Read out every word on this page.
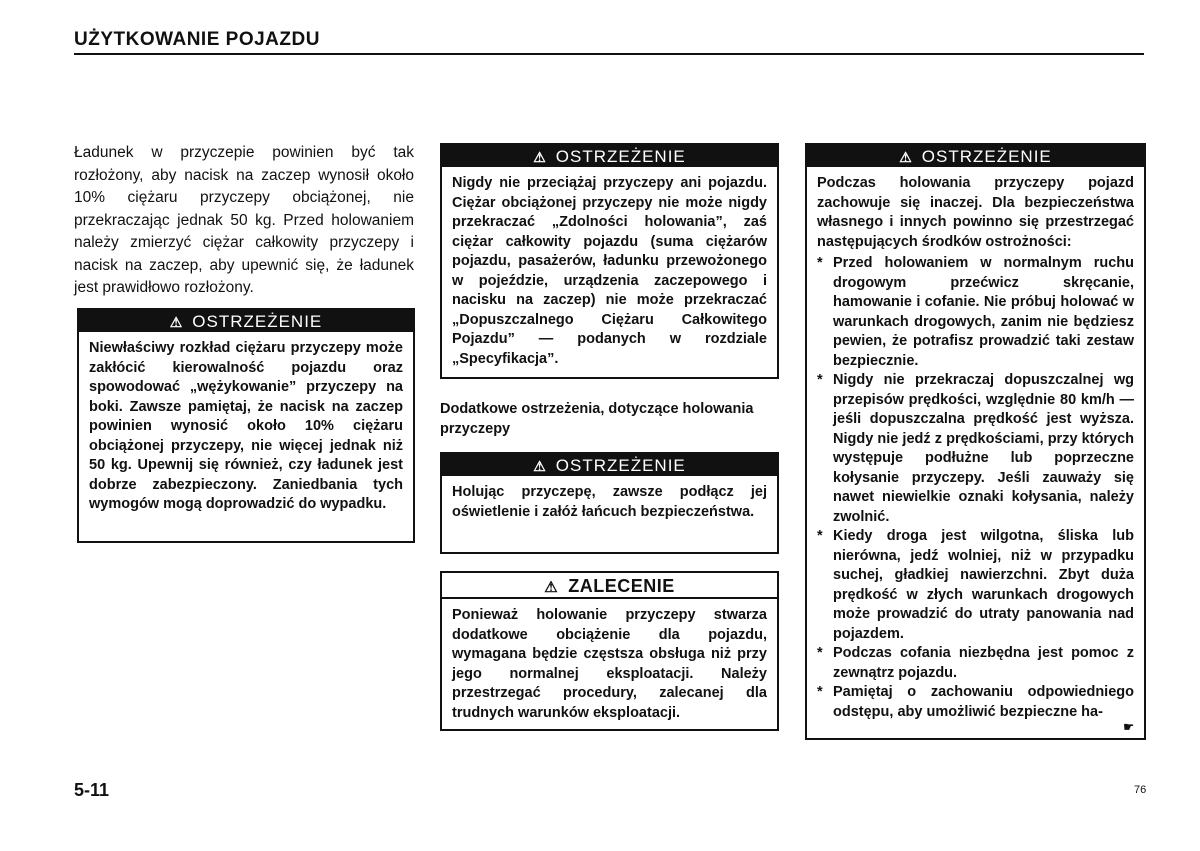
UŻYTKOWANIE POJAZDU

Ładunek w przyczepie powinien być tak rozłożony, aby nacisk na zaczep wynosił około 10% ciężaru przyczepy obciążonej, nie przekraczając jednak 50 kg. Przed holowaniem należy zmierzyć ciężar całkowity przyczepy i nacisk na zaczep, aby upewnić się, że ładunek jest prawidłowo rozłożony.

⚠ OSTRZEŻENIE

Niewłaściwy rozkład ciężaru przyczepy może zakłócić kierowalność pojazdu oraz spowodować „wężykowanie” przyczepy na boki. Zawsze pamiętaj, że nacisk na zaczep powinien wynosić około 10% ciężaru obciążonej przyczepy, nie więcej jednak niż 50 kg. Upewnij się również, czy ładunek jest dobrze zabezpieczony. Zaniedbania tych wymogów mogą doprowadzić do wypadku.

⚠ OSTRZEŻENIE

Nigdy nie przeciążaj przyczepy ani pojazdu. Ciężar obciążonej przyczepy nie może nigdy przekraczać „Zdolności holowania”, zaś ciężar całkowity pojazdu (suma ciężarów pojazdu, pasażerów, ładunku przewożonego w pojeździe, urządzenia zaczepowego i nacisku na zaczep) nie może przekraczać „Dopuszczalnego Ciężaru Całkowitego Pojazdu” — podanych w rozdziale „Specyfikacja”.

Dodatkowe ostrzeżenia, dotyczące holowania przyczepy

⚠ OSTRZEŻENIE

Holując przyczepę, zawsze podłącz jej oświetlenie i załóż łańcuch bezpieczeństwa.

⚠ ZALECENIE

Ponieważ holowanie przyczepy stwarza dodatkowe obciążenie dla pojazdu, wymagana będzie częstsza obsługa niż przy jego normalnej eksploatacji. Należy przestrzegać procedury, zalecanej dla trudnych warunków eksploatacji.

⚠ OSTRZEŻENIE

Podczas holowania przyczepy pojazd zachowuje się inaczej. Dla bezpieczeństwa własnego i innych powinno się przestrzegać następujących środków ostrożności:

* Przed holowaniem w normalnym ruchu drogowym przećwicz skręcanie, hamowanie i cofanie. Nie próbuj holować w warunkach drogowych, zanim nie będziesz pewien, że potrafisz prowadzić taki zestaw bezpiecznie.
* Nigdy nie przekraczaj dopuszczalnej wg przepisów prędkości, względnie 80 km/h — jeśli dopuszczalna prędkość jest wyższa. Nigdy nie jedź z prędkościami, przy których występuje podłużne lub poprzeczne kołysanie przyczepy. Jeśli zauważy się nawet niewielkie oznaki kołysania, należy zwolnić.
* Kiedy droga jest wilgotna, śliska lub nierówna, jedź wolniej, niż w przypadku suchej, gładkiej nawierzchni. Zbyt duża prędkość w złych warunkach drogowych może prowadzić do utraty panowania nad pojazdem.
* Podczas cofania niezbędna jest pomoc z zewnątrz pojazdu.
* Pamiętaj o zachowaniu odpowiedniego odstępu, aby umożliwić bezpieczne ha-
☛
5-11	76
